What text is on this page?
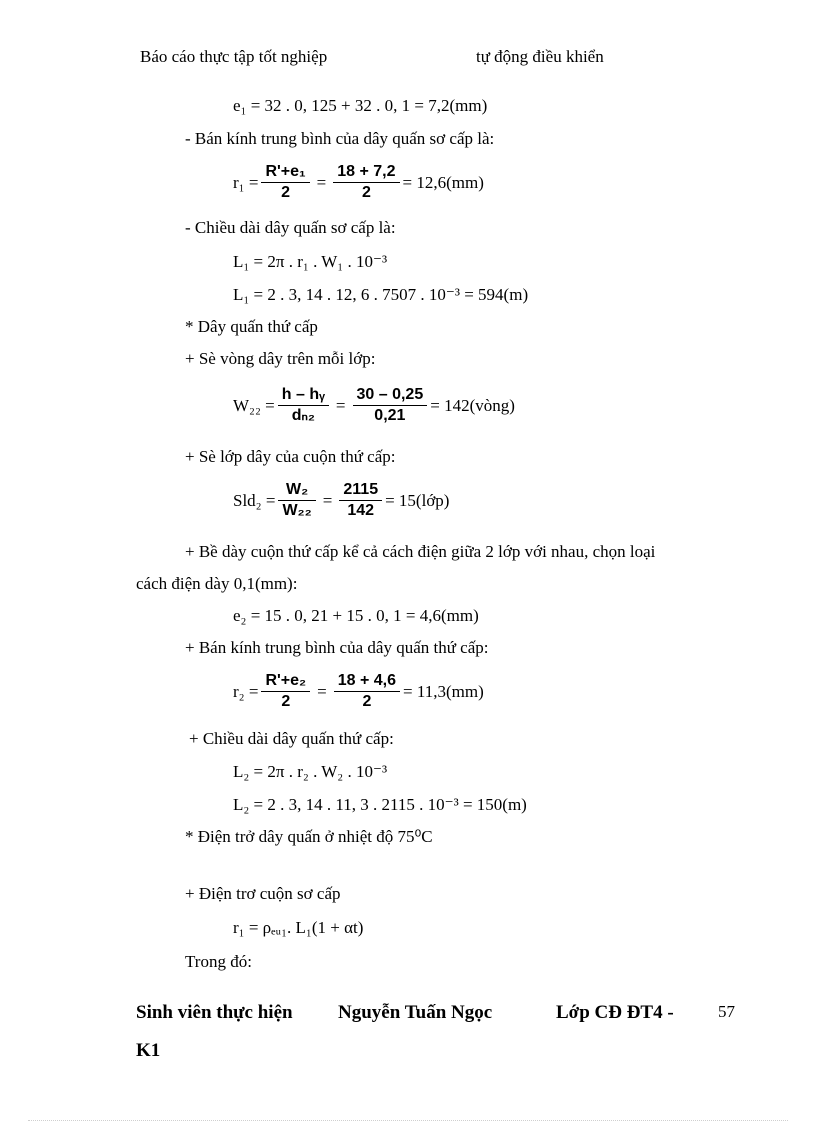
Báo cáo thực tập tốt nghiệp	tự động điều khiển
e₁ = 32 . 0, 125 + 32 . 0, 1 = 7,2(mm)
- Bán kính trung bình của dây quấn sơ cấp là:
$r_1 = \frac{\text{R'+e₁}}{2} = \frac{18 + 7,2}{2} = 12,6(mm)$
- Chiều dài dây quấn sơ cấp là:
L₁ = 2π . r₁ . W₁ . 10⁻³
L₁ = 2 . 3, 14 . 12, 6 . 7507 . 10⁻³ = 594(m)
* Dây quấn thứ cấp
+ Sè vòng dây trên mỗi lớp:
$W_{22} = \frac{\text{h – hᵧ}}{\text{dₙ₂}} = \frac{30 - 0,25}{0,21}$ = 142(vòng)
+ Sè lớp dây của cuộn thứ cấp:
$Sld_2 = \frac{\text{W₂}}{\text{W₂₂}} = \frac{2115}{142}$ = 15(lớp)
+ Bề dày cuộn thứ cấp kể cả cách điện giữa 2 lớp với nhau, chọn loại
cách điện dày 0,1(mm):
e₂ = 15 . 0, 21 + 15 . 0, 1 = 4,6(mm)
+ Bán kính trung bình của dây quấn thứ cấp:
$r_2 = \frac{\text{R'+e₂}}{2} = \frac{18 + 4,6}{2} = 11,3(mm)$
+ Chiều dài dây quấn thứ cấp:
L₂ = 2π . r₂ . W₂ . 10⁻³
L₂ = 2 . 3, 14 . 11, 3 . 2115 . 10⁻³ = 150(m)
* Điện trở dây quấn ở nhiệt độ 75⁰C
+ Điện trơ cuộn sơ cấp
r₁ = ρₑᵤ₁. L₁(1 + αt)
Trong đó:
Sinh viên thực hiện Nguyễn Tuấn Ngọc	Lớp CĐ ĐT4 -	57
K1
